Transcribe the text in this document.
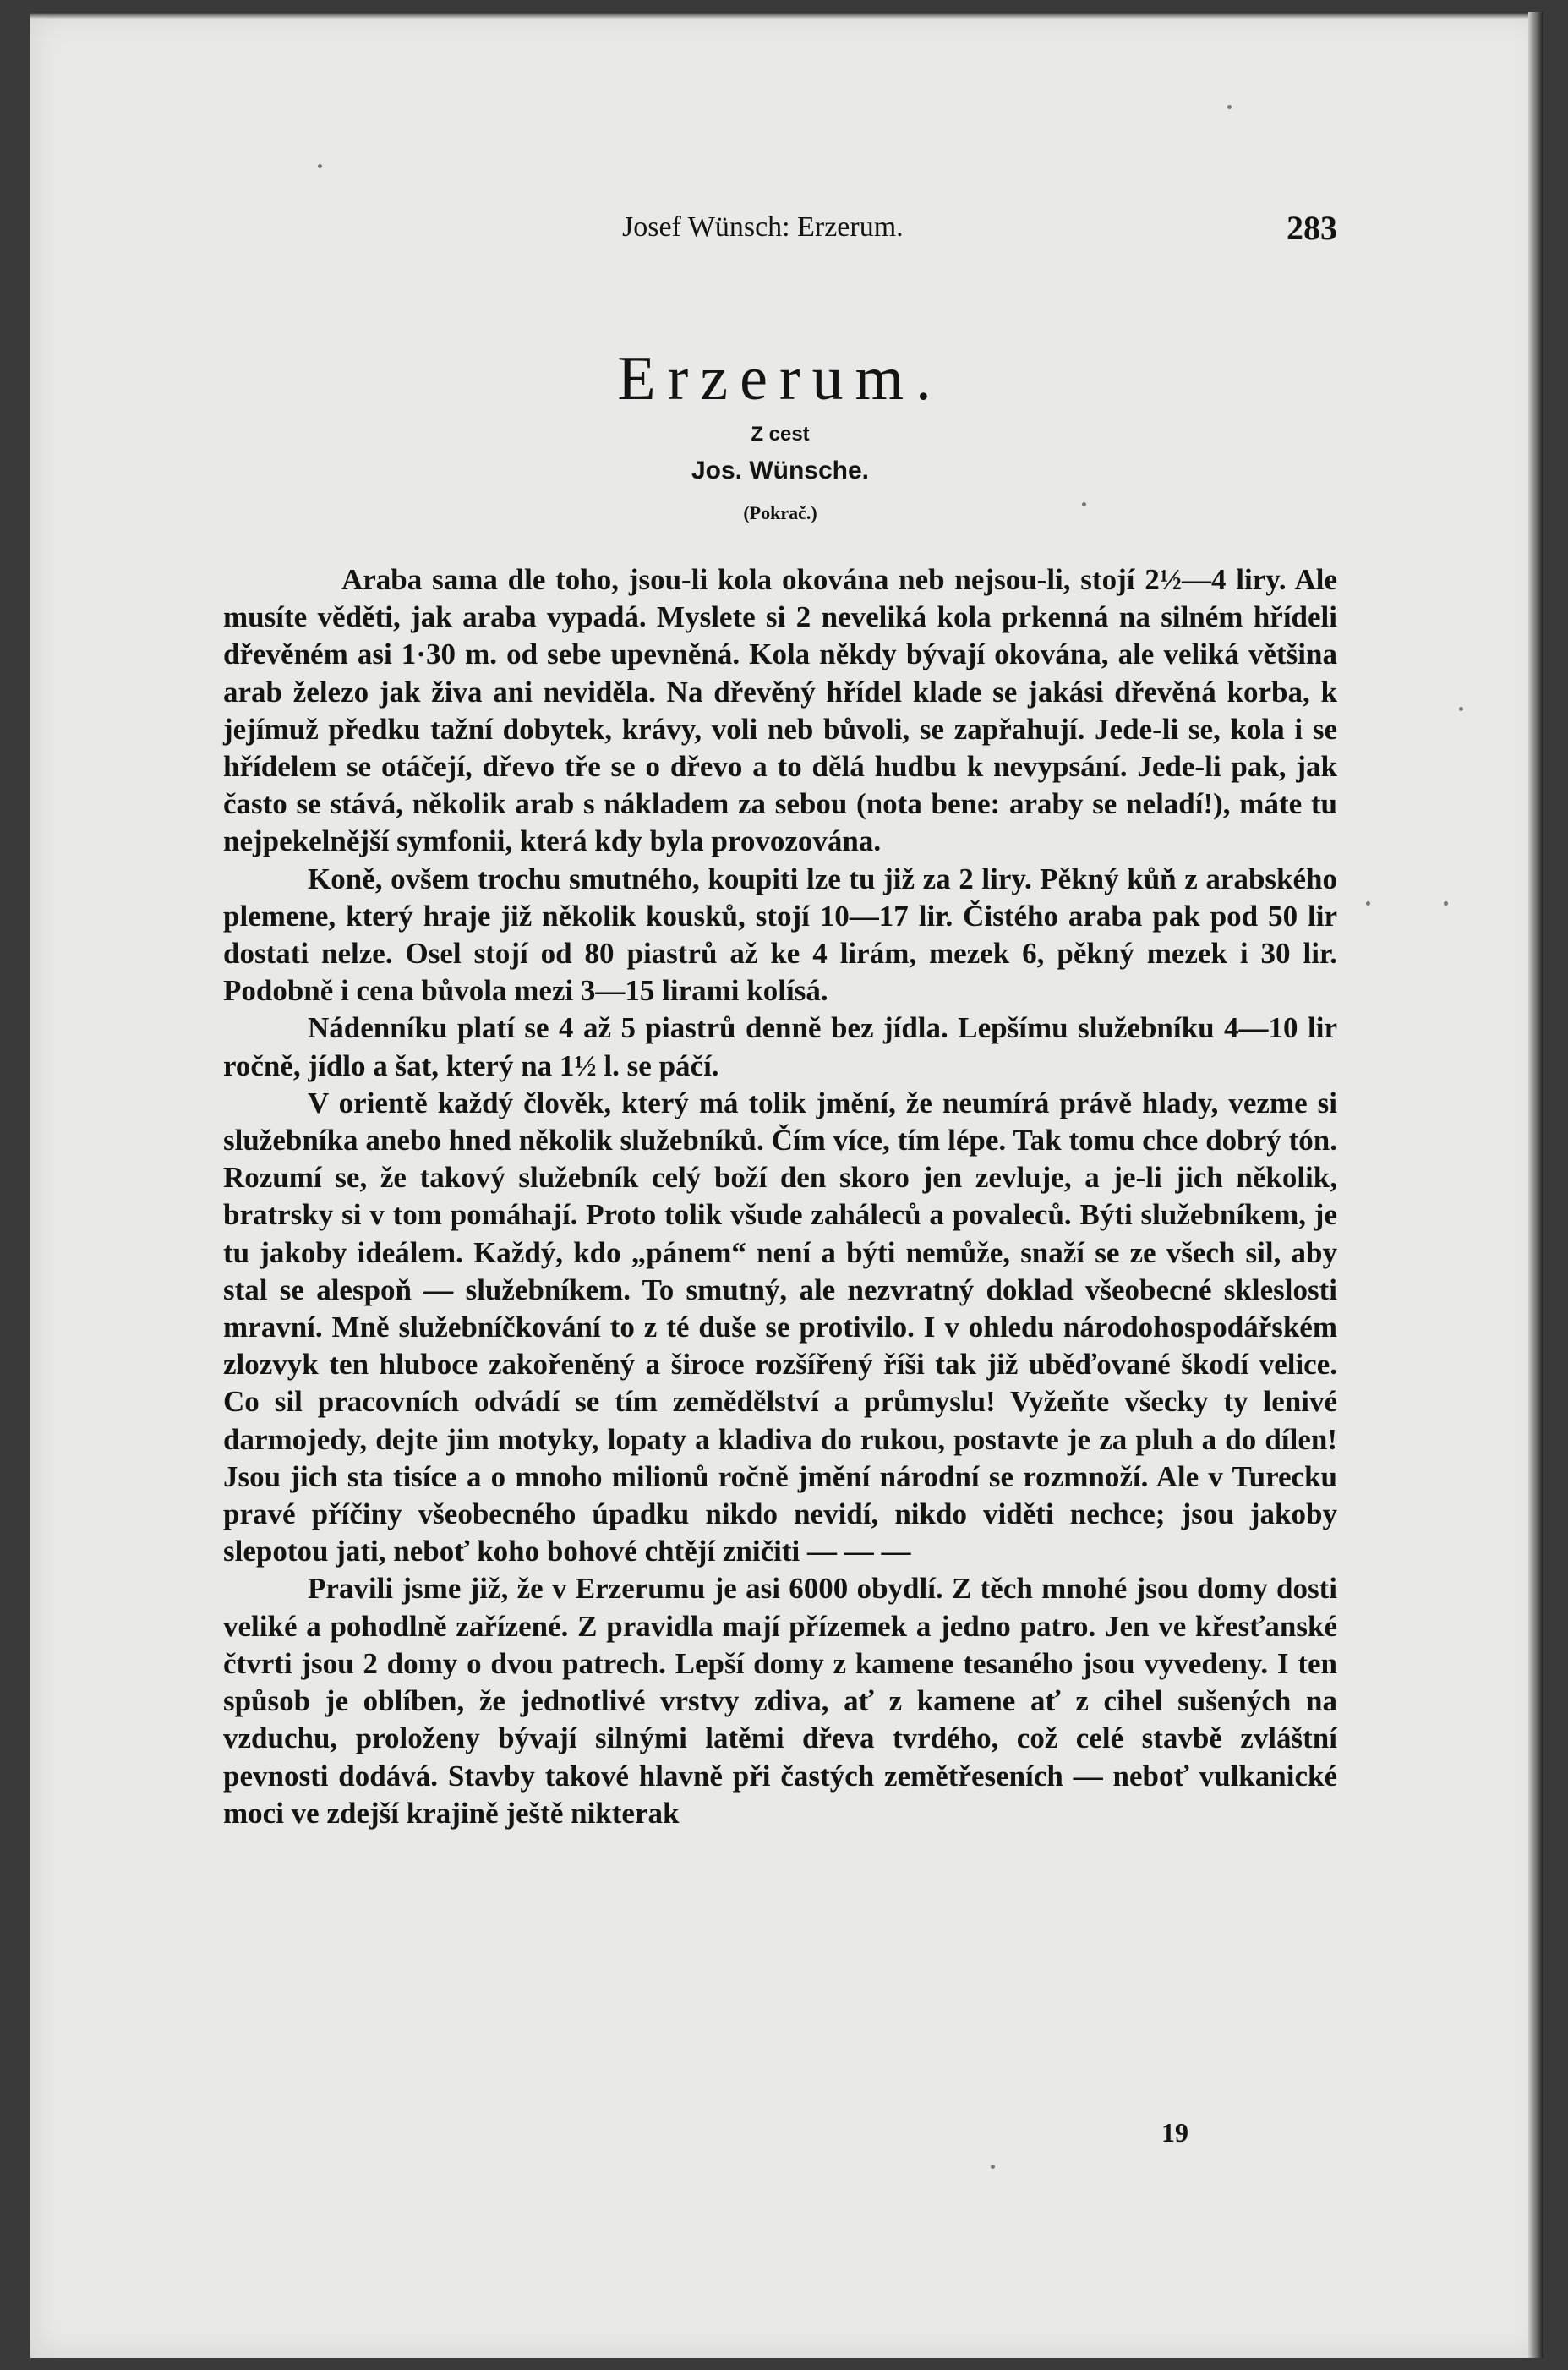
Josef Wünsch: Erzerum.	283
Erzerum.
Z cest
Jos. Wünsche.
(Pokrač.)

Araba sama dle toho, jsou-li kola okována neb nejsou-li, stojí 2½—4 liry. Ale musíte věděti, jak araba vypadá. Myslete si 2 neveliká kola prkenná na silném hřídeli dřevěném asi 1·30 m. od sebe upevněná. Kola někdy bývají okována, ale veliká většina arab železo jak živa ani neviděla. Na dřevěný hřídel klade se jakási dřevěná korba, k jejímuž předku tažní dobytek, krávy, voli neb bůvoli, se zapřahují. Jede-li se, kola i se hřídelem se otáčejí, dřevo tře se o dřevo a to dělá hudbu k nevypsání. Jede-li pak, jak často se stává, několik arab s nákladem za sebou (nota bene: araby se neladí!), máte tu nejpekelnější symfonii, která kdy byla provozována.

Koně, ovšem trochu smutného, koupiti lze tu již za 2 liry. Pěkný kůň z arabského plemene, který hraje již několik kousků, stojí 10—17 lir. Čistého araba pak pod 50 lir dostati nelze. Osel stojí od 80 piastrů až ke 4 lirám, mezek 6, pěkný mezek i 30 lir. Podobně i cena bůvola mezi 3—15 lirami kolísá.

Nádenníku platí se 4 až 5 piastrů denně bez jídla. Lepšímu služebníku 4—10 lir ročně, jídlo a šat, který na 1½ l. se páčí.

V orientě každý člověk, který má tolik jmění, že neumírá právě hlady, vezme si služebníka anebo hned několik služebníků. Čím více, tím lépe. Tak tomu chce dobrý tón. Rozumí se, že takový služebník celý boží den skoro jen zevluje, a je-li jich několik, bratrsky si v tom pomáhají. Proto tolik všude zaháleců a povaleců. Býti služebníkem, je tu jakoby ideálem. Každý, kdo „pánem“ není a býti nemůže, snaží se ze všech sil, aby stal se alespoň — služebníkem. To smutný, ale nezvratný doklad všeobecné skleslosti mravní. Mně služebníčkování to z té duše se protivilo. I v ohledu národohospodářském zlozvyk ten hluboce zakořeněný a široce rozšířený říši tak již uběďované škodí velice. Co sil pracovních odvádí se tím zemědělství a průmyslu! Vyžeňte všecky ty lenivé darmojedy, dejte jim motyky, lopaty a kladiva do rukou, postavte je za pluh a do dílen! Jsou jich sta tisíce a o mnoho milionů ročně jmění národní se rozmnoží. Ale v Turecku pravé příčiny všeobecného úpadku nikdo nevidí, nikdo viděti nechce; jsou jakoby slepotou jati, neboť koho bohové chtějí zničiti — — —

Pravili jsme již, že v Erzerumu je asi 6000 obydlí. Z těch mnohé jsou domy dosti veliké a pohodlně zařízené. Z pravidla mají přízemek a jedno patro. Jen ve křesťanské čtvrti jsou 2 domy o dvou patrech. Lepší domy z kamene tesaného jsou vyvedeny. I ten spůsob je oblíben, že jednotlivé vrstvy zdiva, ať z kamene ať z cihel sušených na vzduchu, proloženy bývají silnými latěmi dřeva tvrdého, což celé stavbě zvláštní pevnosti dodává. Stavby takové hlavně při častých zemětřeseních — neboť vulkanické moci ve zdejší krajině ještě nikterak

19
